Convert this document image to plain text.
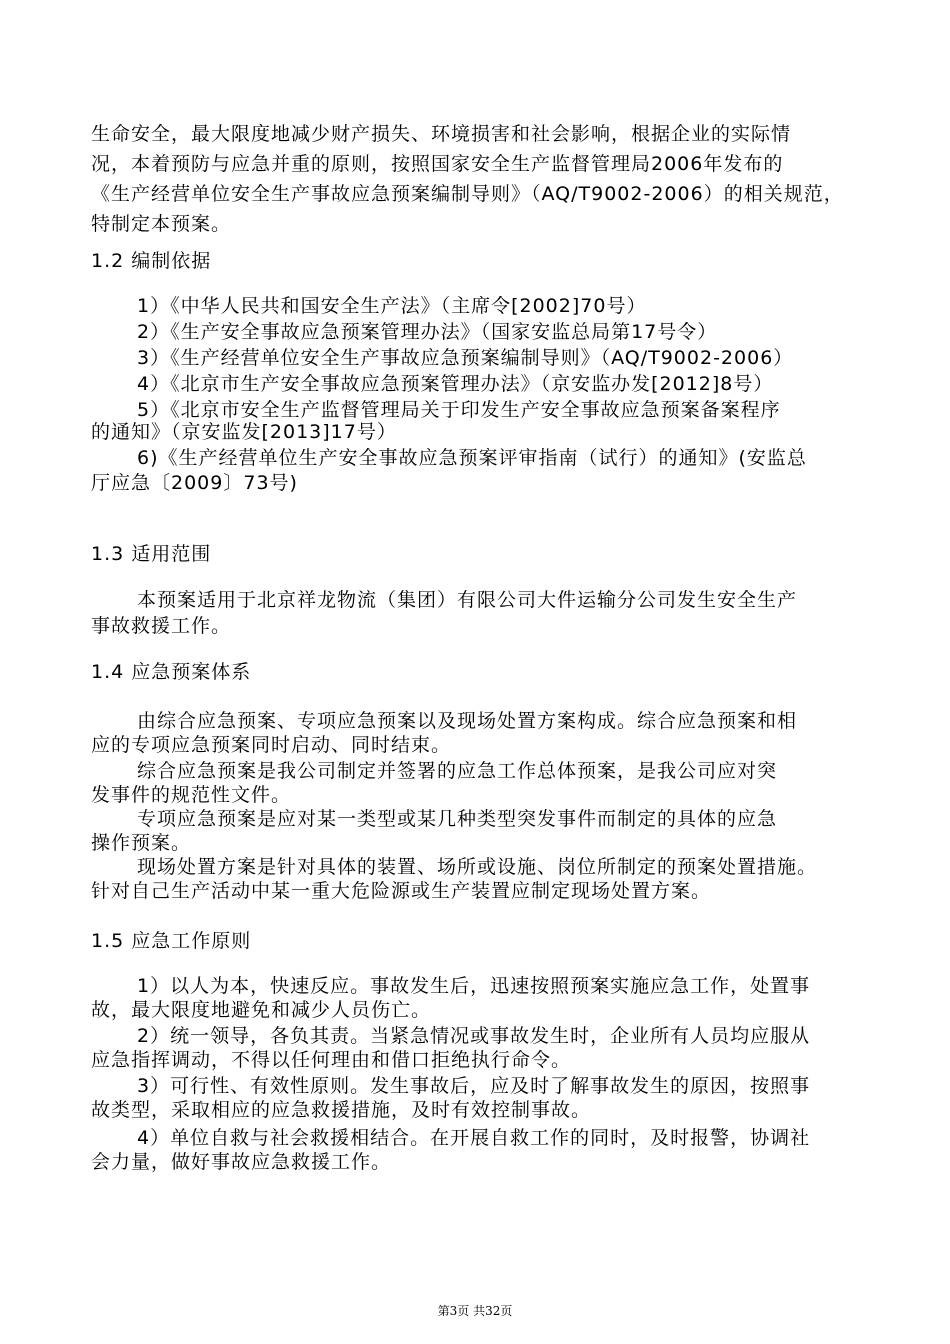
生命安全，最大限度地减少财产损失、环境损害和社会影响，根据企业的实际情
况，本着预防与应急并重的原则，按照国家安全生产监督管理局2006年发布的
《生产经营单位安全生产事故应急预案编制导则》（AQ/T9002-2006）的相关规范，
特制定本预案。
1.2 编制依据
1）《中华人民共和国安全生产法》（主席令[2002]70号）
2）《生产安全事故应急预案管理办法》（国家安监总局第17号令）
3）《生产经营单位安全生产事故应急预案编制导则》（AQ/T9002-2006）
4）《北京市生产安全事故应急预案管理办法》（京安监办发[2012]8号）
5）《北京市安全生产监督管理局关于印发生产安全事故应急预案备案程序
的通知》（京安监发[2013]17号）
6)《生产经营单位生产安全事故应急预案评审指南（试行）的通知》(安监总
厅应急〔2009〕73号)
1.3 适用范围
本预案适用于北京祥龙物流（集团）有限公司大件运输分公司发生安全生产
事故救援工作。
1.4 应急预案体系
由综合应急预案、专项应急预案以及现场处置方案构成。综合应急预案和相
应的专项应急预案同时启动、同时结束。
综合应急预案是我公司制定并签署的应急工作总体预案，是我公司应对突
发事件的规范性文件。
专项应急预案是应对某一类型或某几种类型突发事件而制定的具体的应急
操作预案。
现场处置方案是针对具体的装置、场所或设施、岗位所制定的预案处置措施。
针对自己生产活动中某一重大危险源或生产装置应制定现场处置方案。
1.5 应急工作原则
1）以人为本，快速反应。事故发生后，迅速按照预案实施应急工作，处置事
故，最大限度地避免和减少人员伤亡。
2）统一领导，各负其责。当紧急情况或事故发生时，企业所有人员均应服从
应急指挥调动，不得以任何理由和借口拒绝执行命令。
3）可行性、有效性原则。发生事故后，应及时了解事故发生的原因，按照事
故类型，采取相应的应急救援措施，及时有效控制事故。
4）单位自救与社会救援相结合。在开展自救工作的同时，及时报警，协调社
会力量，做好事故应急救援工作。
第3页 共32页
